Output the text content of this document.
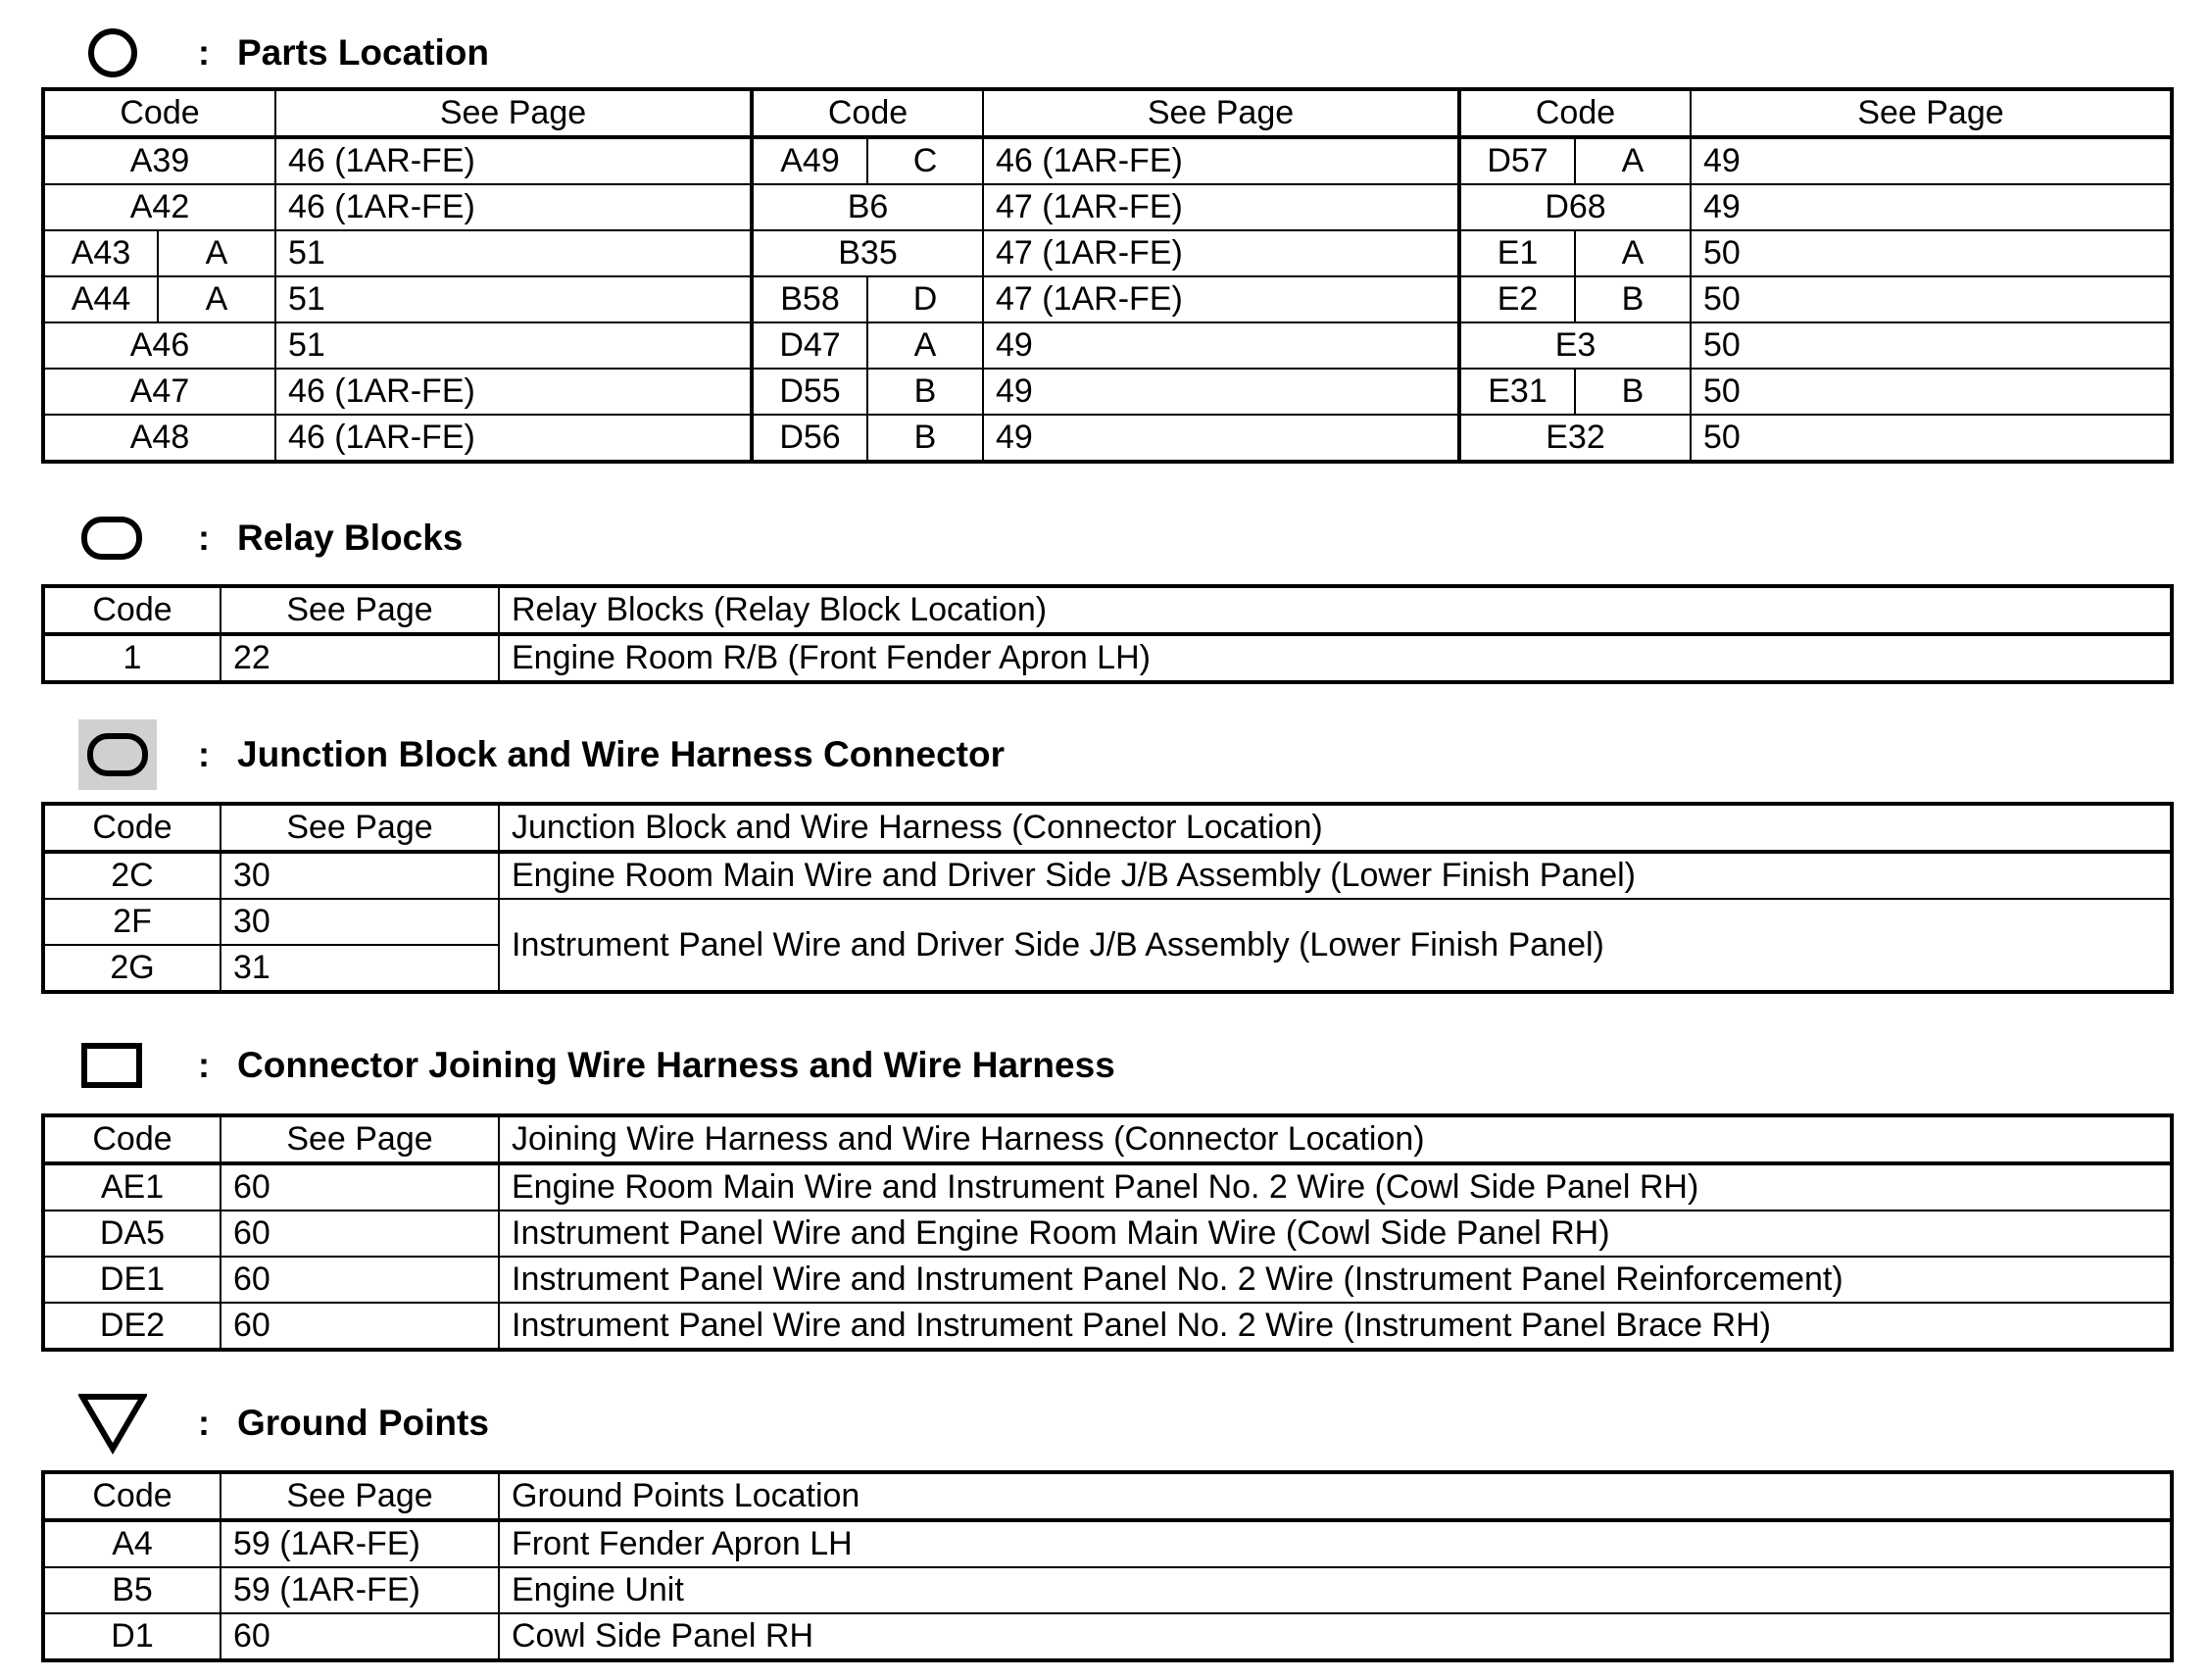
: Parts Location
Code		See Page	Code		See Page	Code		See Page
A39		46 (1AR-FE)	A49	C	46 (1AR-FE)	D57	A	49
A42		46 (1AR-FE)	B6		47 (1AR-FE)	D68		49
A43	A	51	B35		47 (1AR-FE)	E1	A	50
A44	A	51	B58	D	47 (1AR-FE)	E2	B	50
A46		51	D47	A	49	E3		50
A47		46 (1AR-FE)	D55	B	49	E31	B	50
A48		46 (1AR-FE)	D56	B	49	E32		50
: Relay Blocks
Code	See Page	Relay Blocks (Relay Block Location)
1	22	Engine Room R/B (Front Fender Apron LH)
: Junction Block and Wire Harness Connector
Code	See Page	Junction Block and Wire Harness (Connector Location)
2C	30	Engine Room Main Wire and Driver Side J/B Assembly (Lower Finish Panel)
2F	30	Instrument Panel Wire and Driver Side J/B Assembly (Lower Finish Panel)
2G	31	
: Connector Joining Wire Harness and Wire Harness
Code	See Page	Joining Wire Harness and Wire Harness (Connector Location)
AE1	60	Engine Room Main Wire and Instrument Panel No. 2 Wire (Cowl Side Panel RH)
DA5	60	Instrument Panel Wire and Engine Room Main Wire (Cowl Side Panel RH)
DE1	60	Instrument Panel Wire and Instrument Panel No. 2 Wire (Instrument Panel Reinforcement)
DE2	60	Instrument Panel Wire and Instrument Panel No. 2 Wire (Instrument Panel Brace RH)
: Ground Points
Code	See Page	Ground Points Location
A4	59 (1AR-FE)	Front Fender Apron LH
B5	59 (1AR-FE)	Engine Unit
D1	60	Cowl Side Panel RH
